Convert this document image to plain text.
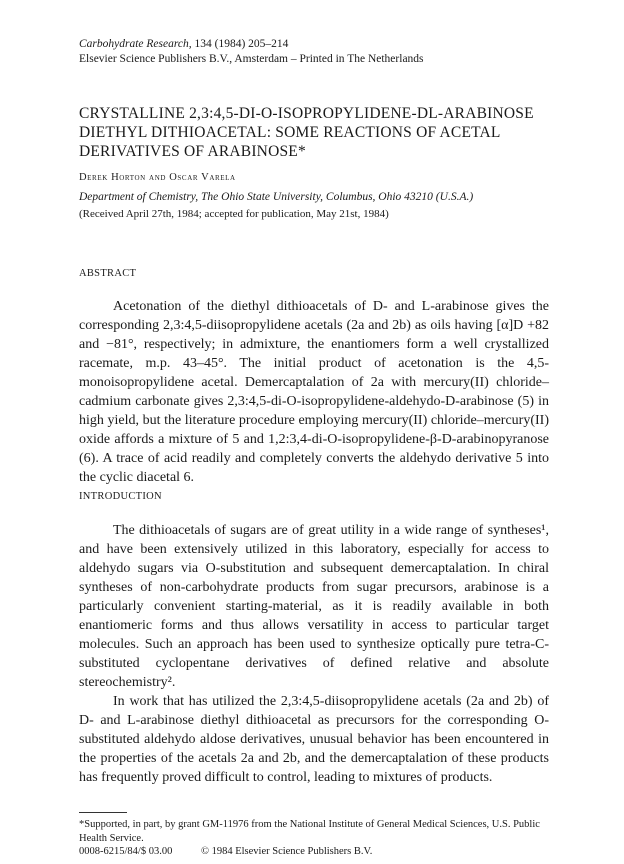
Carbohydrate Research, 134 (1984) 205–214
Elsevier Science Publishers B.V., Amsterdam – Printed in The Netherlands
CRYSTALLINE 2,3:4,5-DI-O-ISOPROPYLIDENE-DL-ARABINOSE DIETHYL DITHIOACETAL: SOME REACTIONS OF ACETAL DERIVATIVES OF ARABINOSE*
Derek Horton and Oscar Varela
Department of Chemistry, The Ohio State University, Columbus, Ohio 43210 (U.S.A.)
(Received April 27th, 1984; accepted for publication, May 21st, 1984)
ABSTRACT

Acetonation of the diethyl dithioacetals of D- and L-arabinose gives the corresponding 2,3:4,5-diisopropylidene acetals (2a and 2b) as oils having [α]D +82 and −81°, respectively; in admixture, the enantiomers form a well crystallized racemate, m.p. 43–45°. The initial product of acetonation is the 4,5-monoisopropylidene acetal. Demercaptalation of 2a with mercury(II) chloride–cadmium carbonate gives 2,3:4,5-di-O-isopropylidene-aldehydo-D-arabinose (5) in high yield, but the literature procedure employing mercury(II) chloride–mercury(II) oxide affords a mixture of 5 and 1,2:3,4-di-O-isopropylidene-β-D-arabinopyranose (6). A trace of acid readily and completely converts the aldehydo derivative 5 into the cyclic diacetal 6.

INTRODUCTION

The dithioacetals of sugars are of great utility in a wide range of syntheses¹, and have been extensively utilized in this laboratory, especially for access to aldehydo sugars via O-substitution and subsequent demercaptalation. In chiral syntheses of non-carbohydrate products from sugar precursors, arabinose is a particularly convenient starting-material, as it is readily available in both enantiomeric forms and thus allows versatility in access to particular target molecules. Such an approach has been used to synthesize optically pure tetra-C-substituted cyclopentane derivatives of defined relative and absolute stereochemistry².

In work that has utilized the 2,3:4,5-diisopropylidene acetals (2a and 2b) of D- and L-arabinose diethyl dithioacetal as precursors for the corresponding O-substituted aldehydo aldose derivatives, unusual behavior has been encountered in the properties of the acetals 2a and 2b, and the demercaptalation of these products has frequently proved difficult to control, leading to mixtures of products.

*Supported, in part, by grant GM-11976 from the National Institute of General Medical Sciences, U.S. Public Health Service.
0008-6215/84/$ 03.00	© 1984 Elsevier Science Publishers B.V.
